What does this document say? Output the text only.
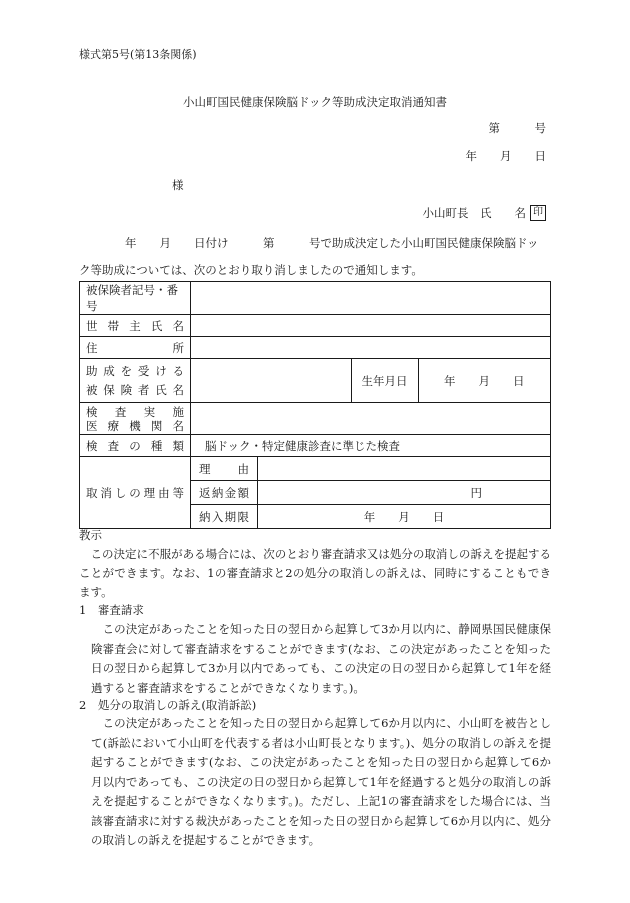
様式第5号(第13条関係)
小山町国民健康保険脳ドック等助成決定取消通知書
第　　　号
年　　月　　日
様
小山町長　氏　　名 印
年　　月　　日付け　　　第　　　号で助成決定した小山町国民健康保険脳ドッ
ク等助成については、次のとおり取り消しましたので通知します。
被保険者記号・番号				
世帯主氏名				
住所				

助成を受ける
被保険者氏名			生年月日	年　　月　　日

検査実施
医療機関名				

検査の種類	脳ドック・特定健康診査に準じた検査			
取消しの理由等	理由			
	返納金額	円		
	納入期限	年　　月　　日		
教示
この決定に不服がある場合には、次のとおり審査請求又は処分の取消しの訴えを提起することができます。なお、1の審査請求と2の処分の取消しの訴えは、同時にすることもできます。
1　審査請求
この決定があったことを知った日の翌日から起算して3か月以内に、静岡県国民健康保険審査会に対して審査請求をすることができます(なお、この決定があったことを知った日の翌日から起算して3か月以内であっても、この決定の日の翌日から起算して1年を経過すると審査請求をすることができなくなります。)。
2　処分の取消しの訴え(取消訴訟)
この決定があったことを知った日の翌日から起算して6か月以内に、小山町を被告として(訴訟において小山町を代表する者は小山町長となります。)、処分の取消しの訴えを提起することができます(なお、この決定があったことを知った日の翌日から起算して6か月以内であっても、この決定の日の翌日から起算して1年を経過すると処分の取消しの訴えを提起することができなくなります。)。ただし、上記1の審査請求をした場合には、当該審査請求に対する裁決があったことを知った日の翌日から起算して6か月以内に、処分の取消しの訴えを提起することができます。
